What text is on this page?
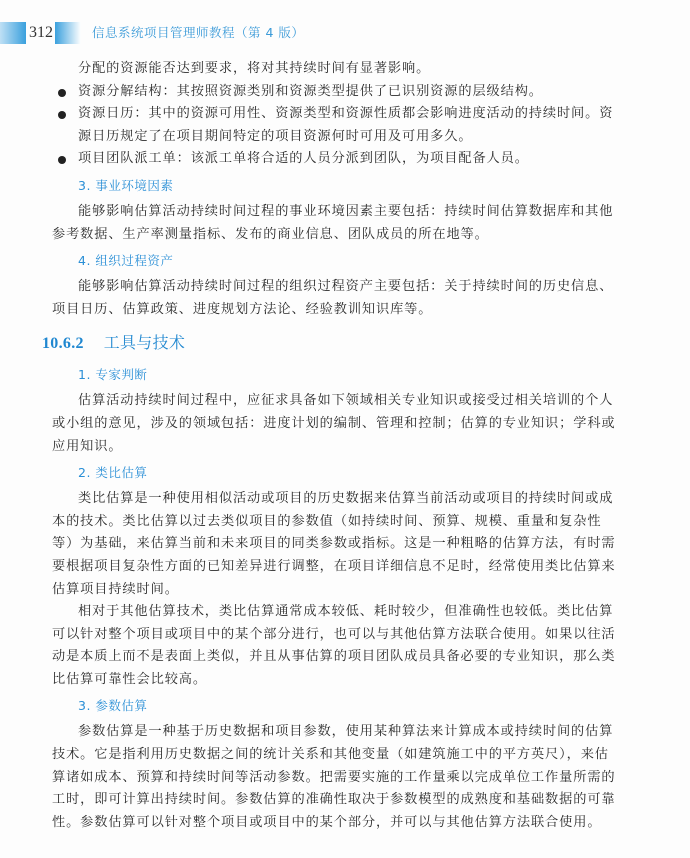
312	信息系统项目管理师教程（第 4 版）

分配的资源能否达到要求，将对其持续时间有显著影响。

资源分解结构：其按照资源类别和资源类型提供了已识别资源的层级结构。
资源日历：其中的资源可用性、资源类型和资源性质都会影响进度活动的持续时间。资源日历规定了在项目期间特定的项目资源何时可用及可用多久。
项目团队派工单：该派工单将合适的人员分派到团队，为项目配备人员。
3. 事业环境因素

能够影响估算活动持续时间过程的事业环境因素主要包括：持续时间估算数据库和其他参考数据、生产率测量指标、发布的商业信息、团队成员的所在地等。

4. 组织过程资产

能够影响估算活动持续时间过程的组织过程资产主要包括：关于持续时间的历史信息、项目日历、估算政策、进度规划方法论、经验教训知识库等。

10.6.2 工具与技术
1. 专家判断

估算活动持续时间过程中，应征求具备如下领域相关专业知识或接受过相关培训的个人或小组的意见，涉及的领域包括：进度计划的编制、管理和控制；估算的专业知识；学科或应用知识。

2. 类比估算

类比估算是一种使用相似活动或项目的历史数据来估算当前活动或项目的持续时间或成本的技术。类比估算以过去类似项目的参数值（如持续时间、预算、规模、重量和复杂性等）为基础，来估算当前和未来项目的同类参数或指标。这是一种粗略的估算方法，有时需要根据项目复杂性方面的已知差异进行调整，在项目详细信息不足时，经常使用类比估算来估算项目持续时间。

相对于其他估算技术，类比估算通常成本较低、耗时较少，但准确性也较低。类比估算可以针对整个项目或项目中的某个部分进行，也可以与其他估算方法联合使用。如果以往活动是本质上而不是表面上类似，并且从事估算的项目团队成员具备必要的专业知识，那么类比估算可靠性会比较高。

3. 参数估算

参数估算是一种基于历史数据和项目参数，使用某种算法来计算成本或持续时间的估算技术。它是指利用历史数据之间的统计关系和其他变量（如建筑施工中的平方英尺），来估算诸如成本、预算和持续时间等活动参数。把需要实施的工作量乘以完成单位工作量所需的工时，即可计算出持续时间。参数估算的准确性取决于参数模型的成熟度和基础数据的可靠性。参数估算可以针对整个项目或项目中的某个部分，并可以与其他估算方法联合使用。
